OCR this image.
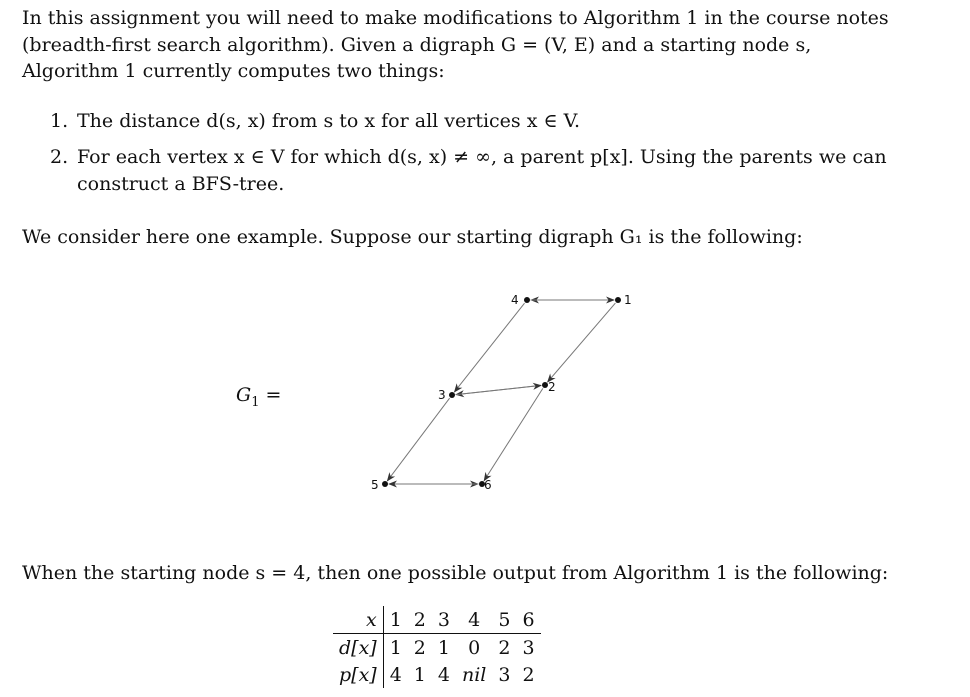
In this assignment you will need to make modifications to Algorithm 1 in the course notes (breadth-first search algorithm). Given a digraph G = (V, E) and a starting node s, Algorithm 1 currently computes two things:

1. The distance d(s, x) from s to x for all vertices x ∈ V.
2. For each vertex x ∈ V for which d(s, x) ≠ ∞, a parent p[x]. Using the parents we can construct a BFS-tree.

We consider here one example. Suppose our starting digraph G₁ is the following:

$G_1$ =
4	1
3
2
5	6

When the starting node s = 4, then one possible output from Algorithm 1 is the following:

x	1	2	3	4	5	6
d[x]	1	2	1	0	2	3
p[x]	4	1	4	nil	3	2
